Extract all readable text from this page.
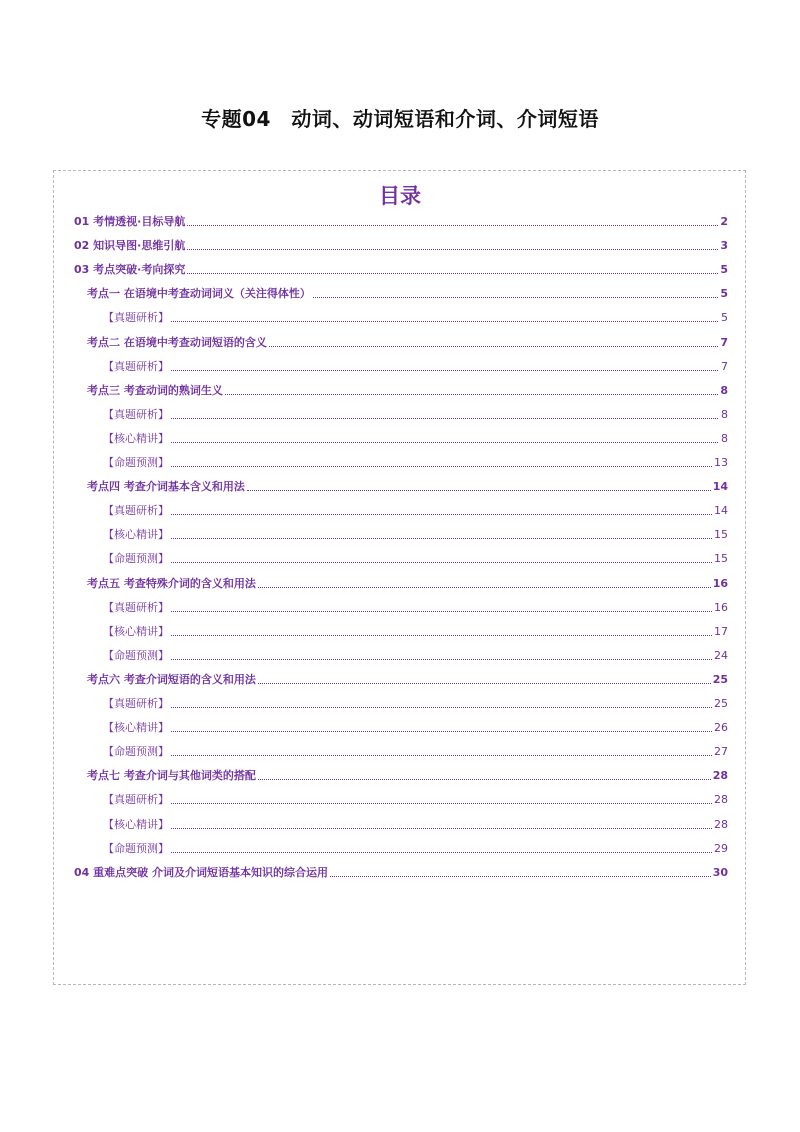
专题04　动词、动词短语和介词、介词短语
目录
01 考情透视·目标导航	2
02 知识导图·思维引航	3
03 考点突破·考向探究	5
考点一 在语境中考查动词词义（关注得体性）	5
【真题研析】	5
考点二 在语境中考查动词短语的含义	7
【真题研析】	7
考点三 考查动词的熟词生义	8
【真题研析】	8
【核心精讲】	8
【命题预测】	13
考点四 考查介词基本含义和用法	14
【真题研析】	14
【核心精讲】	15
【命题预测】	15
考点五 考查特殊介词的含义和用法	16
【真题研析】	16
【核心精讲】	17
【命题预测】	24
考点六 考查介词短语的含义和用法	25
【真题研析】	25
【核心精讲】	26
【命题预测】	27
考点七 考查介词与其他词类的搭配	28
【真题研析】	28
【核心精讲】	28
【命题预测】	29
04 重难点突破 介词及介词短语基本知识的综合运用	30
